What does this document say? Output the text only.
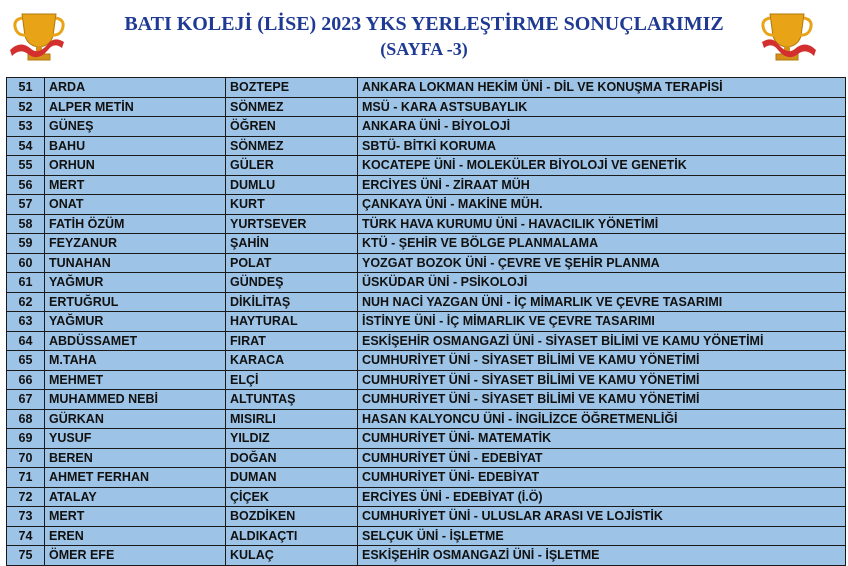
BATI KOLEJİ (LİSE) 2023 YKS YERLEŞTİRME SONUÇLARIMIZ
(SAYFA -3)
51	ARDA	BOZTEPE	ANKARA LOKMAN HEKİM ÜNİ - DİL VE KONUŞMA TERAPİSİ
52	ALPER METİN	SÖNMEZ	MSÜ - KARA ASTSUBAYLIK
53	GÜNEŞ	ÖĞREN	ANKARA ÜNİ - BİYOLOJİ
54	BAHU	SÖNMEZ	SBTÜ- BİTKİ KORUMA
55	ORHUN	GÜLER	KOCATEPE ÜNİ - MOLEKÜLER BİYOLOJİ VE GENETİK
56	MERT	DUMLU	ERCİYES ÜNİ - ZİRAAT MÜH
57	ONAT	KURT	ÇANKAYA ÜNİ - MAKİNE MÜH.
58	FATİH ÖZÜM	YURTSEVER	TÜRK HAVA KURUMU ÜNİ - HAVACILIK YÖNETİMİ
59	FEYZANUR	ŞAHİN	KTÜ - ŞEHİR VE BÖLGE PLANMALAMA
60	TUNAHAN	POLAT	YOZGAT BOZOK ÜNİ - ÇEVRE VE ŞEHİR PLANMA
61	YAĞMUR	GÜNDEŞ	ÜSKÜDAR ÜNİ - PSİKOLOJİ
62	ERTUĞRUL	DİKİLİTAŞ	NUH NACİ YAZGAN ÜNİ - İÇ MİMARLIK VE ÇEVRE TASARIMI
63	YAĞMUR	HAYTURAL	İSTİNYE ÜNİ - İÇ MİMARLIK VE ÇEVRE TASARIMI
64	ABDÜSSAMET	FIRAT	ESKİŞEHİR OSMANGAZİ ÜNİ - SİYASET BİLİMİ VE KAMU YÖNETİMİ
65	M.TAHA	KARACA	CUMHURİYET ÜNİ - SİYASET BİLİMİ VE KAMU YÖNETİMİ
66	MEHMET	ELÇİ	CUMHURİYET ÜNİ - SİYASET BİLİMİ VE KAMU YÖNETİMİ
67	MUHAMMED NEBİ	ALTUNTAŞ	CUMHURİYET ÜNİ - SİYASET BİLİMİ VE KAMU YÖNETİMİ
68	GÜRKAN	MISIRLI	HASAN KALYONCU ÜNİ - İNGİLİZCE ÖĞRETMENLİĞİ
69	YUSUF	YILDIZ	CUMHURİYET ÜNİ- MATEMATİK
70	BEREN	DOĞAN	CUMHURİYET ÜNİ - EDEBİYAT
71	AHMET FERHAN	DUMAN	CUMHURİYET ÜNİ- EDEBİYAT
72	ATALAY	ÇİÇEK	ERCİYES ÜNİ - EDEBİYAT (İ.Ö)
73	MERT	BOZDİKEN	CUMHURİYET ÜNİ - ULUSLAR ARASI VE LOJİSTİK
74	EREN	ALDIKAÇTI	SELÇUK ÜNİ - İŞLETME
75	ÖMER EFE	KULAÇ	ESKİŞEHİR OSMANGAZİ ÜNİ - İŞLETME
